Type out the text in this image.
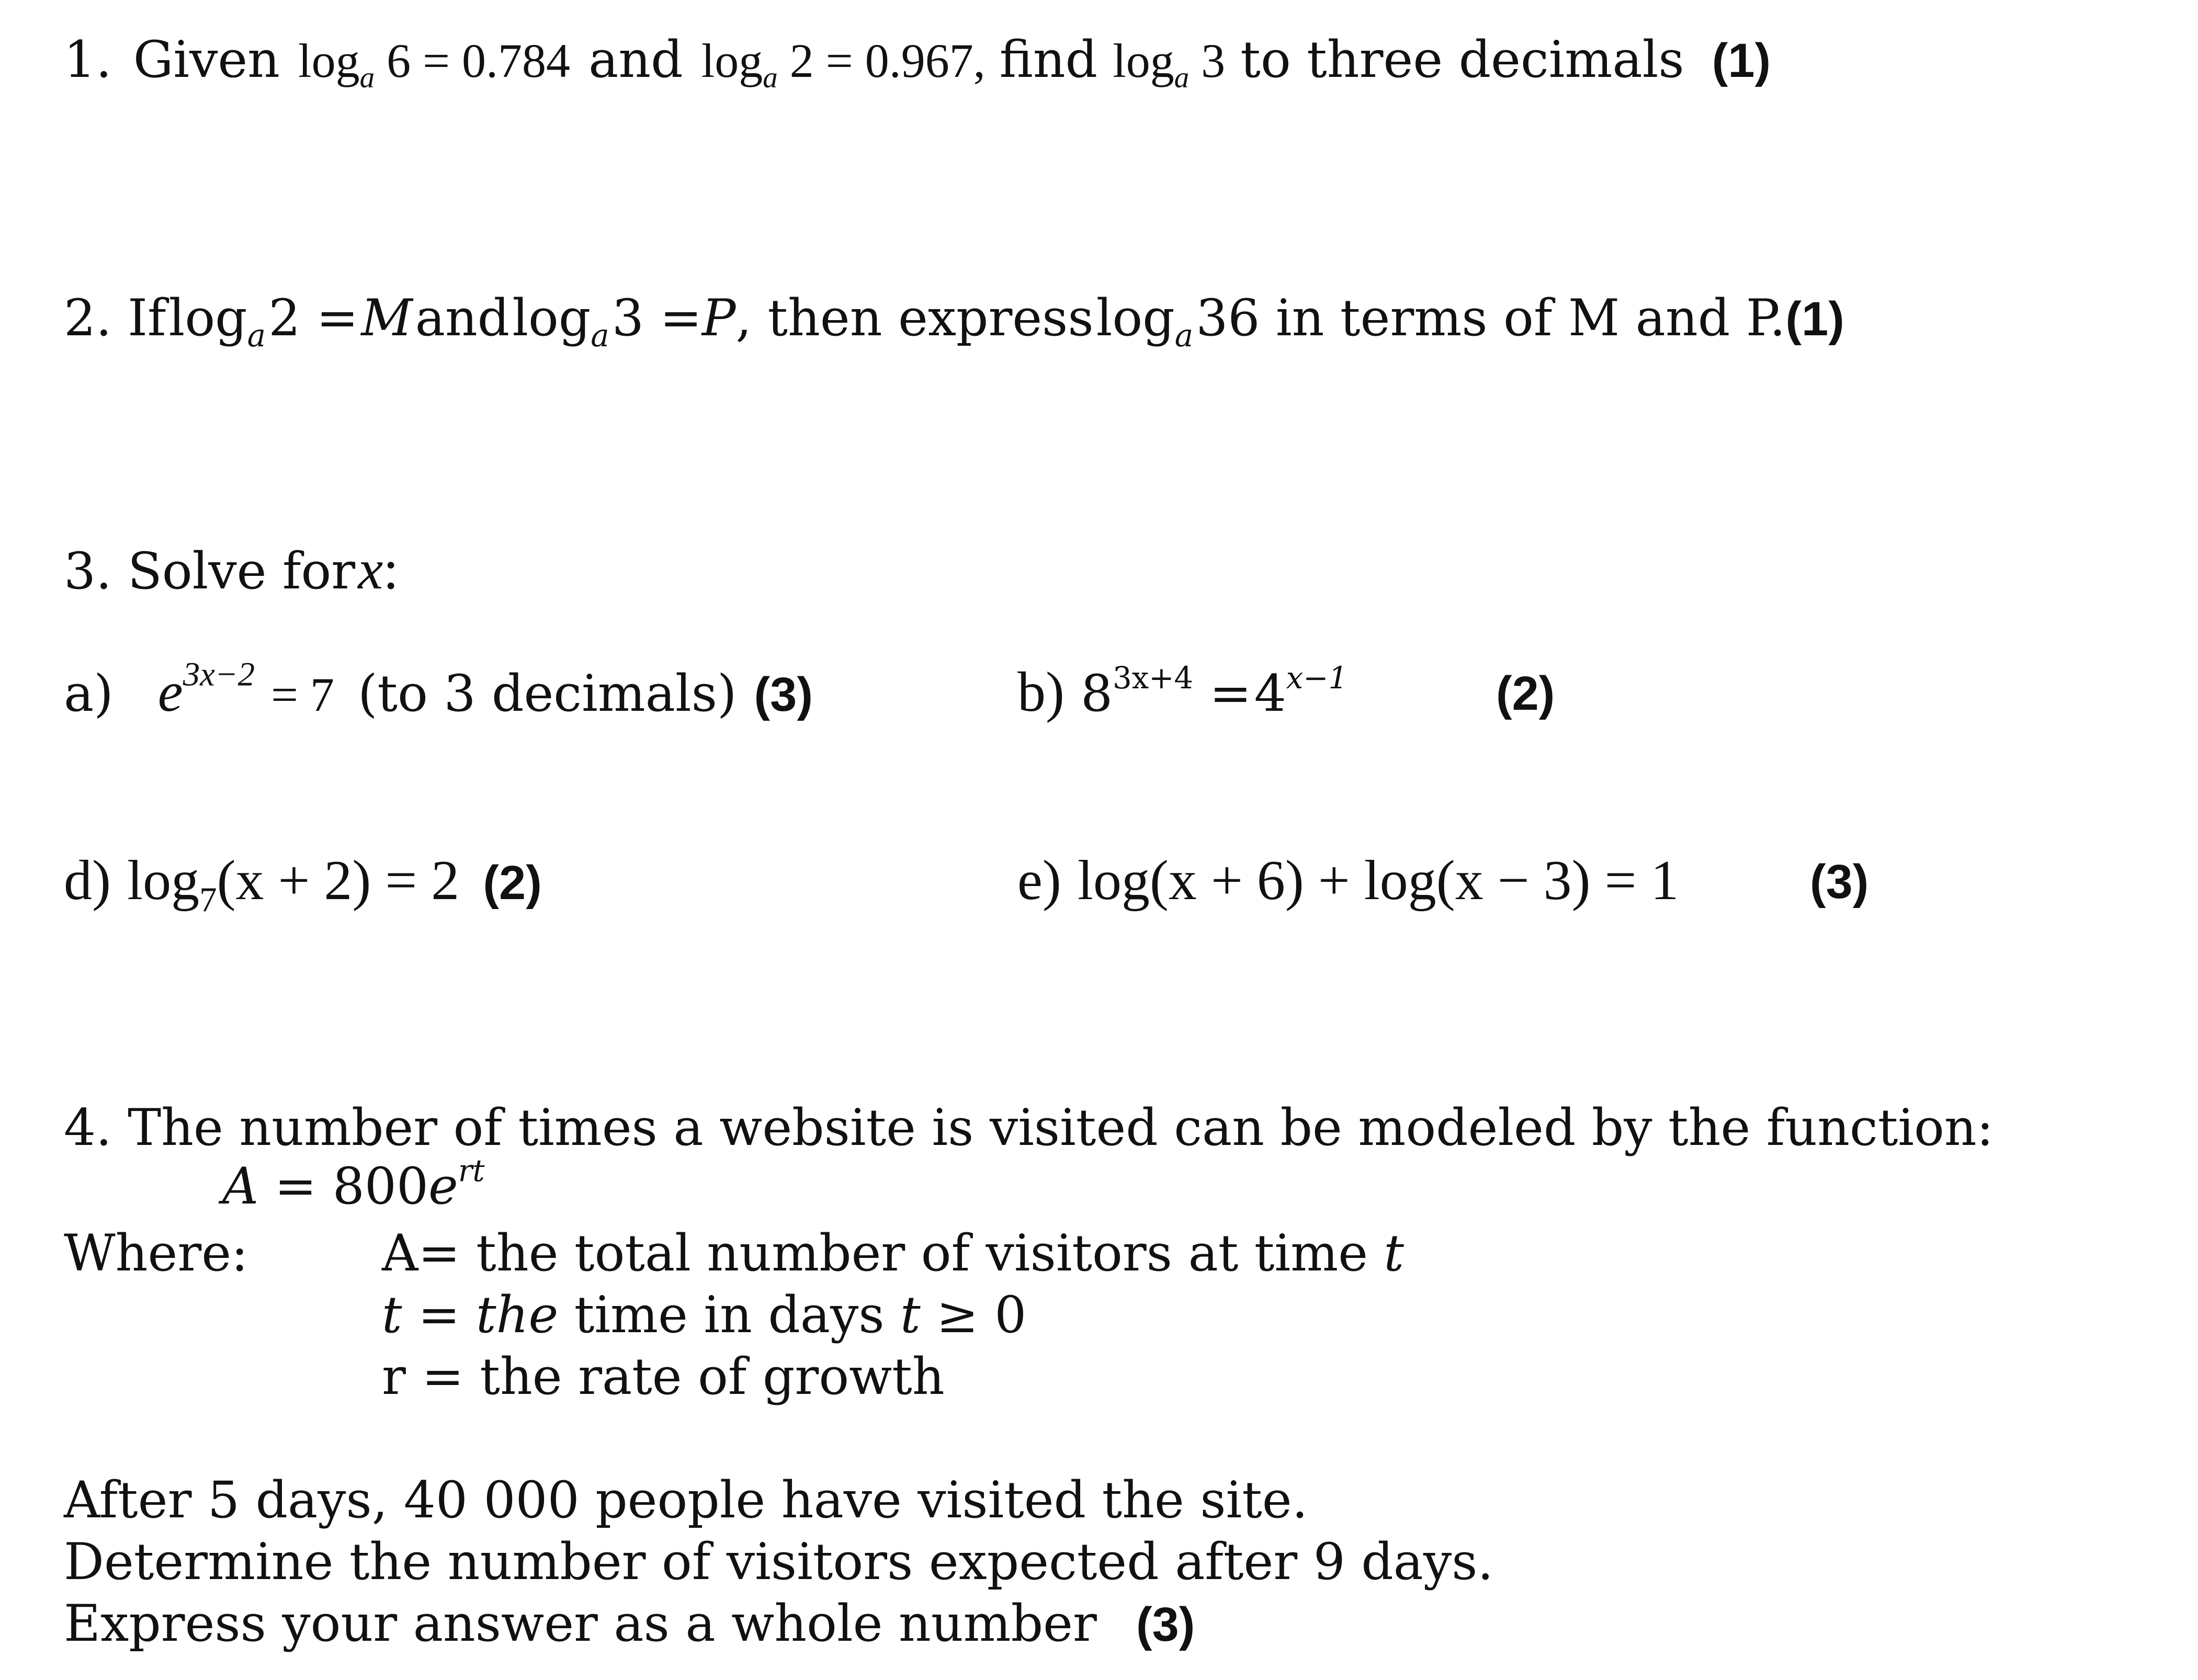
1. Given $\log_a 6 = 0.784$ and $\log_a 2 = 0.967$, find $\log_a 3$ to three decimals (1)
2. If $\log_a 2 = M$ and $\log_a 3 =P$, then express $\log_a 36$ in terms of M and P.(1)
3. Solve for x:
a) $e^{3x-2} = 7$ (to 3 decimals) (3)	b) $8^{3x+4} = 4^{x-1}$	(2)
d) $\log_7(x + 2) = 2$ (2)	e) log(x + 6) + log(x − 3) = 1	(3)
4. The number of times a website is visited can be modeled by the function:
$A = 800e^{rt}$
Where:	A= the total number of visitors at time t
t = the time in days t ≥ 0
r = the rate of growth
After 5 days, 40 000 people have visited the site.
Determine the number of visitors expected after 9 days.
Express your answer as a whole number (3)
